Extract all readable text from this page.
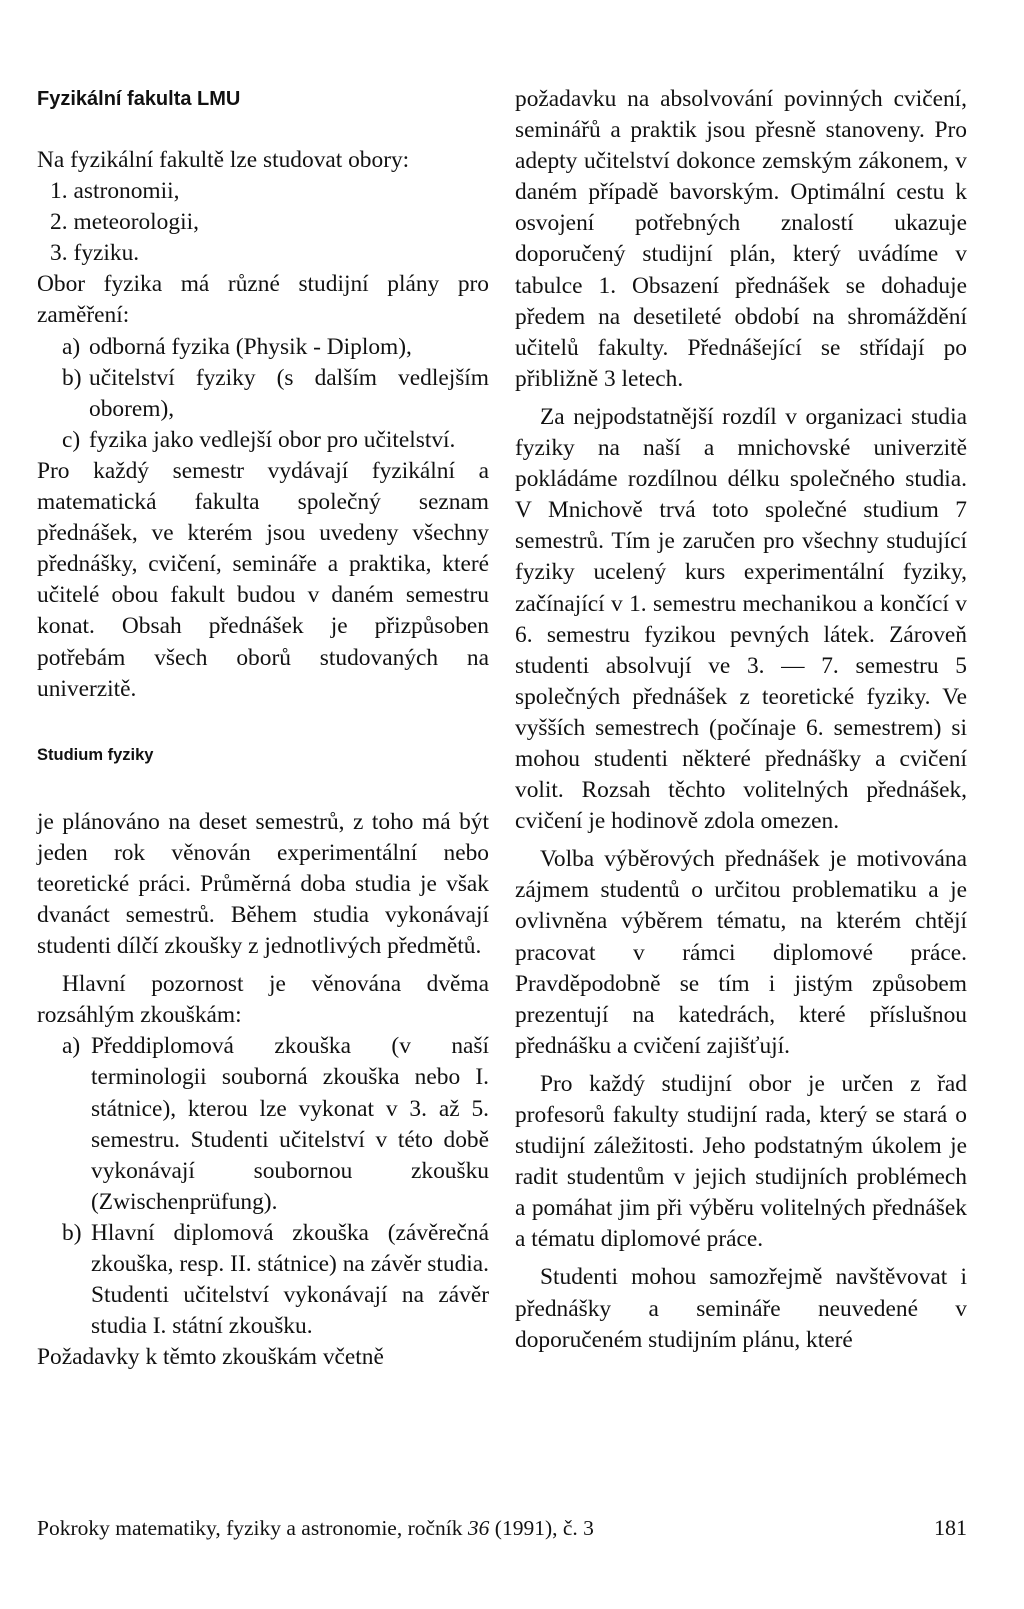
Fyzikální fakulta LMU

Na fyzikální fakultě lze studovat obory:

1. astronomii,
2. meteorologii,
3. fyziku.

Obor fyzika má různé studijní plány pro zaměření:

a) odborná fyzika (Physik - Diplom),
b) učitelství fyziky (s dalším vedlejším oborem),
c) fyzika jako vedlejší obor pro učitelství.

Pro každý semestr vydávají fyzikální a matematická fakulta společný seznam přednášek, ve kterém jsou uvedeny všechny přednášky, cvičení, semináře a praktika, které učitelé obou fakult budou v daném semestru konat. Obsah přednášek je přizpůsoben potřebám všech oborů studovaných na univerzitě.

Studium fyziky

je plánováno na deset semestrů, z toho má být jeden rok věnován experimentální nebo teoretické práci. Průměrná doba studia je však dvanáct semestrů. Během studia vykonávají studenti dílčí zkoušky z jednotlivých předmětů.

Hlavní pozornost je věnována dvěma rozsáhlým zkouškám:

a) Předdiplomová zkouška (v naší terminologii souborná zkouška nebo I. státnice), kterou lze vykonat v 3. až 5. semestru. Studenti učitelství v této době vykonávají soubornou zkoušku (Zwischenprüfung).
b) Hlavní diplomová zkouška (závěrečná zkouška, resp. II. státnice) na závěr studia. Studenti učitelství vykonávají na závěr studia I. státní zkoušku.

Požadavky k těmto zkouškám včetně

požadavku na absolvování povinných cvičení, seminářů a praktik jsou přesně stanoveny. Pro adepty učitelství dokonce zemským zákonem, v daném případě bavorským. Optimální cestu k osvojení potřebných znalostí ukazuje doporučený studijní plán, který uvádíme v tabulce 1. Obsazení přednášek se dohaduje předem na desetileté období na shromáždění učitelů fakulty. Přednášející se střídají po přibližně 3 letech.

Za nejpodstatnější rozdíl v organizaci studia fyziky na naší a mnichovské univerzitě pokládáme rozdílnou délku společného studia. V Mnichově trvá toto společné studium 7 semestrů. Tím je zaručen pro všechny studující fyziky ucelený kurs experimentální fyziky, začínající v 1. semestru mechanikou a končící v 6. semestru fyzikou pevných látek. Zároveň studenti absolvují ve 3. — 7. semestru 5 společných přednášek z teoretické fyziky. Ve vyšších semestrech (počínaje 6. semestrem) si mohou studenti některé přednášky a cvičení volit. Rozsah těchto volitelných přednášek, cvičení je hodinově zdola omezen.

Volba výběrových přednášek je motivována zájmem studentů o určitou problematiku a je ovlivněna výběrem tématu, na kterém chtějí pracovat v rámci diplomové práce. Pravděpodobně se tím i jistým způsobem prezentují na katedrách, které příslušnou přednášku a cvičení zajišťují.

Pro každý studijní obor je určen z řad profesorů fakulty studijní rada, který se stará o studijní záležitosti. Jeho podstatným úkolem je radit studentům v jejich studijních problémech a pomáhat jim při výběru volitelných přednášek a tématu diplomové práce.

Studenti mohou samozřejmě navštěvovat i přednášky a semináře neuvedené v doporučeném studijním plánu, které

Pokroky matematiky, fyziky a astronomie, ročník 36 (1991), č. 3	181
